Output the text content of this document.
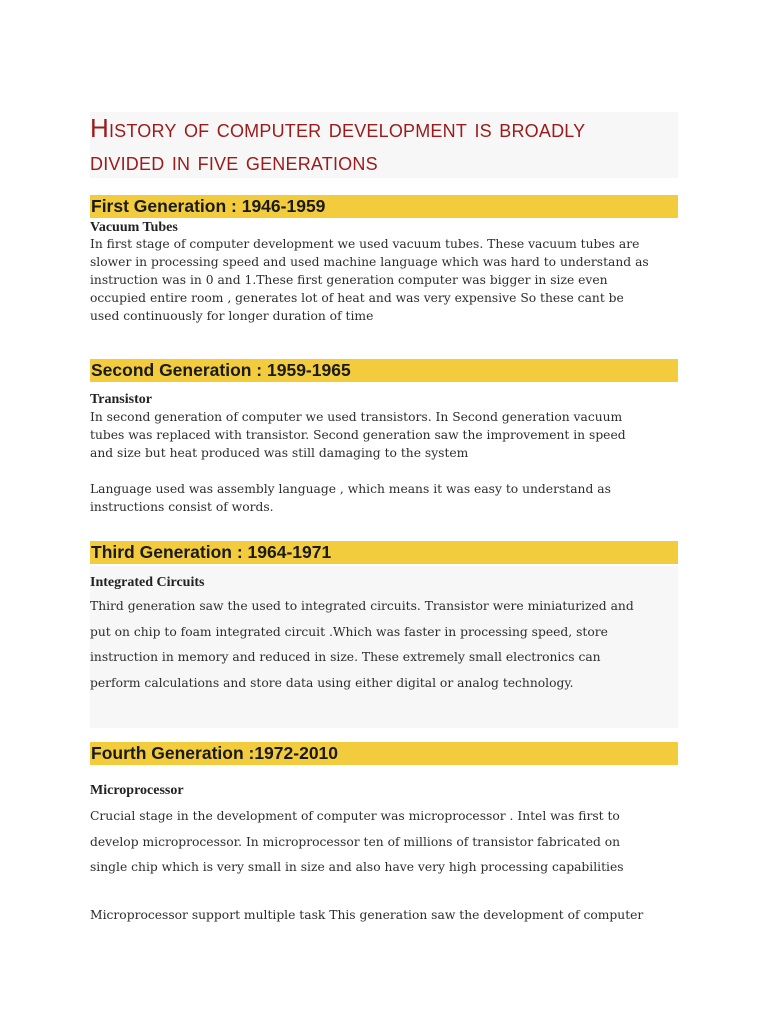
History of computer development is broadly
divided in five generations
First Generation : 1946-1959
Vacuum Tubes
In first stage of computer development we used vacuum tubes. These vacuum tubes are
slower in processing speed and used machine language which was hard to understand as
instruction was in 0 and 1.These first generation computer was bigger in size even
occupied entire room , generates lot of heat and was very expensive So these cant be
used continuously for longer duration of time
Second Generation : 1959-1965
Transistor
In second generation of computer we used transistors. In Second generation vacuum
tubes was replaced with transistor. Second generation saw the improvement in speed
and size but heat produced was still damaging to the system
Language used was assembly language , which means it was easy to understand as
instructions consist of words.
Third Generation : 1964-1971
Integrated Circuits
Third generation saw the used to integrated circuits. Transistor were miniaturized and
put on chip to foam integrated circuit .Which was faster in processing speed, store
instruction in memory and reduced in size. These extremely small electronics can
perform calculations and store data using either digital or analog technology.
Fourth Generation :1972-2010
Microprocessor
Crucial stage in the development of computer was microprocessor . Intel was first to
develop microprocessor. In microprocessor ten of millions of transistor fabricated on
single chip which is very small in size and also have very high processing capabilities
Microprocessor support multiple task This generation saw the development of computer
